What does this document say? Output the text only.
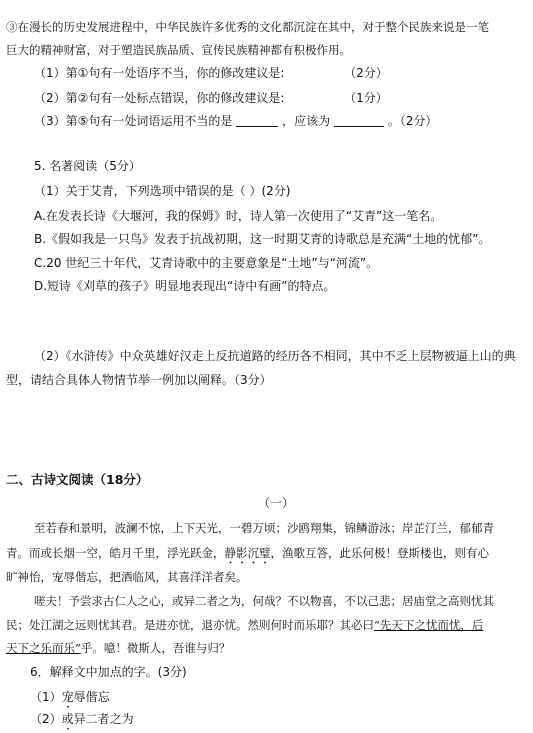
③在漫长的历史发展进程中，中华民族许多优秀的文化都沉淀在其中，对于整个民族来说是一笔
巨大的精神财富，对于塑造民族品质、宣传民族精神都有积极作用。
（1）第①句有一处语序不当，你的修改建议是:	（2分）
（2）第②句有一处标点错误，你的修改建议是:	（1分）
（3）第⑤句有一处词语运用不当的是	，应该为	。（2分）
5. 名著阅读（5分）
（1）关于艾青，下列选项中错误的是（ ）(2分)
A.在发表长诗《大堰河，我的保姆》时，诗人第一次使用了“艾青”这一笔名。
B.《假如我是一只鸟》发表于抗战初期，这一时期艾青的诗歌总是充满“土地的忧郁”。
C.20 世纪三十年代，艾青诗歌中的主要意象是“土地”与“河流”。
D.短诗《刈草的孩子》明显地表现出“诗中有画”的特点。
（2）《水浒传》中众英雄好汉走上反抗道路的经历各不相同，其中不乏上层物被逼上山的典
型，请结合具体人物情节举一例加以阐释。（3分）
二、古诗文阅读（18分）
（一）
至若春和景明，波澜不惊，上下天光，一碧万顷；沙鸥翔集，锦鳞游泳；岸芷汀兰，郁郁青
青。而或长烟一空，皓月千里，浮光跃金，静影沉璧，渔歌互答，此乐何极！登斯楼也，则有心
旷神怡，宠辱偕忘，把酒临风，其喜洋洋者矣。
嗟夫！予尝求古仁人之心，或异二者之为，何哉？不以物喜，不以己悲；居庙堂之高则忧其
民；处江湖之远则忧其君。是进亦忧，退亦忧。然则何时而乐耶？其必曰“先天下之忧而忧，后
天下之乐而乐”乎。噫！微斯人，吾谁与归？
6．解释文中加点的字。(3分)
（1）宠辱偕忘
（2）或异二者之为
